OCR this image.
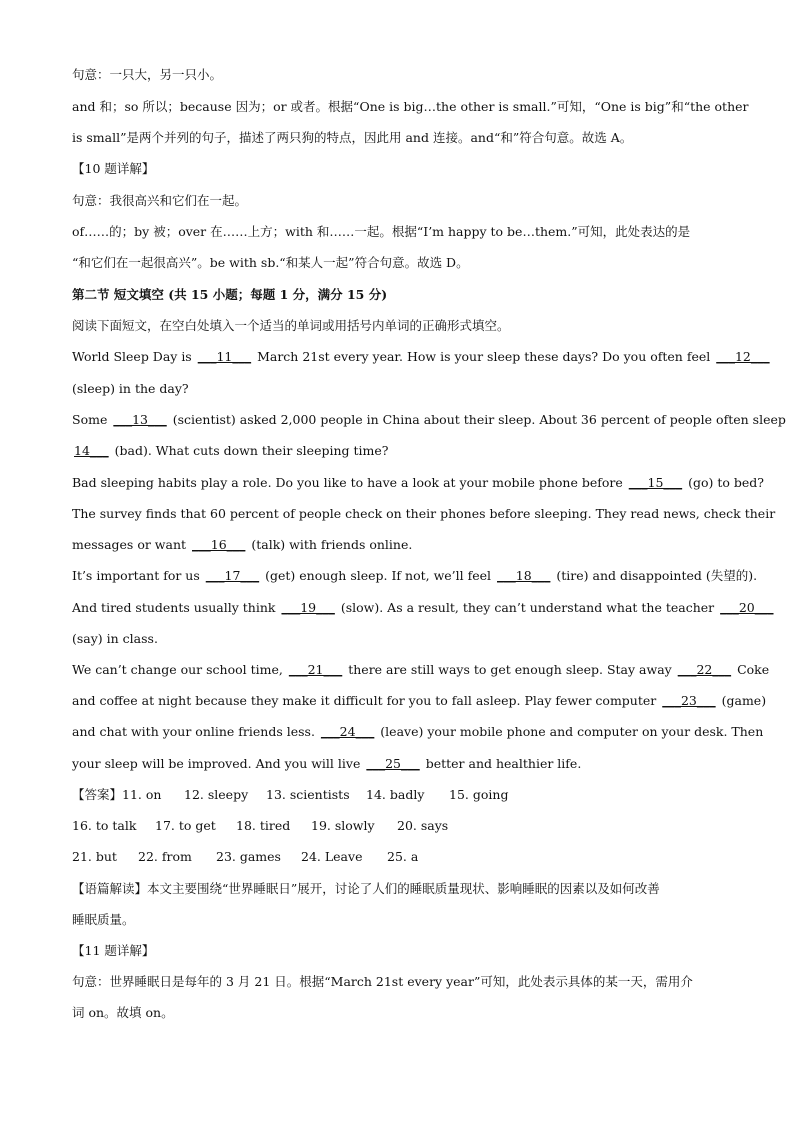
句意：一只大，另一只小。
and 和；so 所以；because 因为；or 或者。根据“One is big…the other is small.”可知，“One is big”和“the other
is small”是两个并列的句子，描述了两只狗的特点，因此用 and 连接。and“和”符合句意。故选 A。
【10 题详解】
句意：我很高兴和它们在一起。
of……的；by 被；over 在……上方；with 和……一起。根据“I’m happy to be…them.”可知，此处表达的是
“和它们在一起很高兴”。be with sb.“和某人一起”符合句意。故选 D。
第二节 短文填空 (共 15 小题；每题 1 分，满分 15 分)
阅读下面短文，在空白处填入一个适当的单词或用括号内单词的正确形式填空。
World Sleep Day is ___11___ March 21st every year. How is your sleep these days? Do you often feel ___12___
(sleep) in the day?
Some ___13___ (scientist) asked 2,000 people in China about their sleep. About 36 percent of people often sleep
14___ (bad). What cuts down their sleeping time?
Bad sleeping habits play a role. Do you like to have a look at your mobile phone before ___15___ (go) to bed?
The survey finds that 60 percent of people check on their phones before sleeping. They read news, check their
messages or want ___16___ (talk) with friends online.
It’s important for us ___17___ (get) enough sleep. If not, we’ll feel ___18___ (tire) and disappointed (失望的).
And tired students usually think ___19___ (slow). As a result, they can’t understand what the teacher ___20___
(say) in class.
We can’t change our school time, ___21___ there are still ways to get enough sleep. Stay away ___22___ Coke
and coffee at night because they make it difficult for you to fall asleep. Play fewer computer ___23___ (game)
and chat with your online friends less. ___24___ (leave) your mobile phone and computer on your desk. Then
your sleep will be improved. And you will live ___25___ better and healthier life.
【答案】11. on 12. sleepy 13. scientists 14. badly 15. going
16. to talk 17. to get 18. tired 19. slowly 20. says
21. but 22. from 23. games 24. Leave 25. a
【语篇解读】本文主要围绕“世界睡眠日”展开，讨论了人们的睡眠质量现状、影响睡眠的因素以及如何改善
睡眠质量。
【11 题详解】
句意：世界睡眠日是每年的 3 月 21 日。根据“March 21st every year”可知，此处表示具体的某一天，需用介
词 on。故填 on。
